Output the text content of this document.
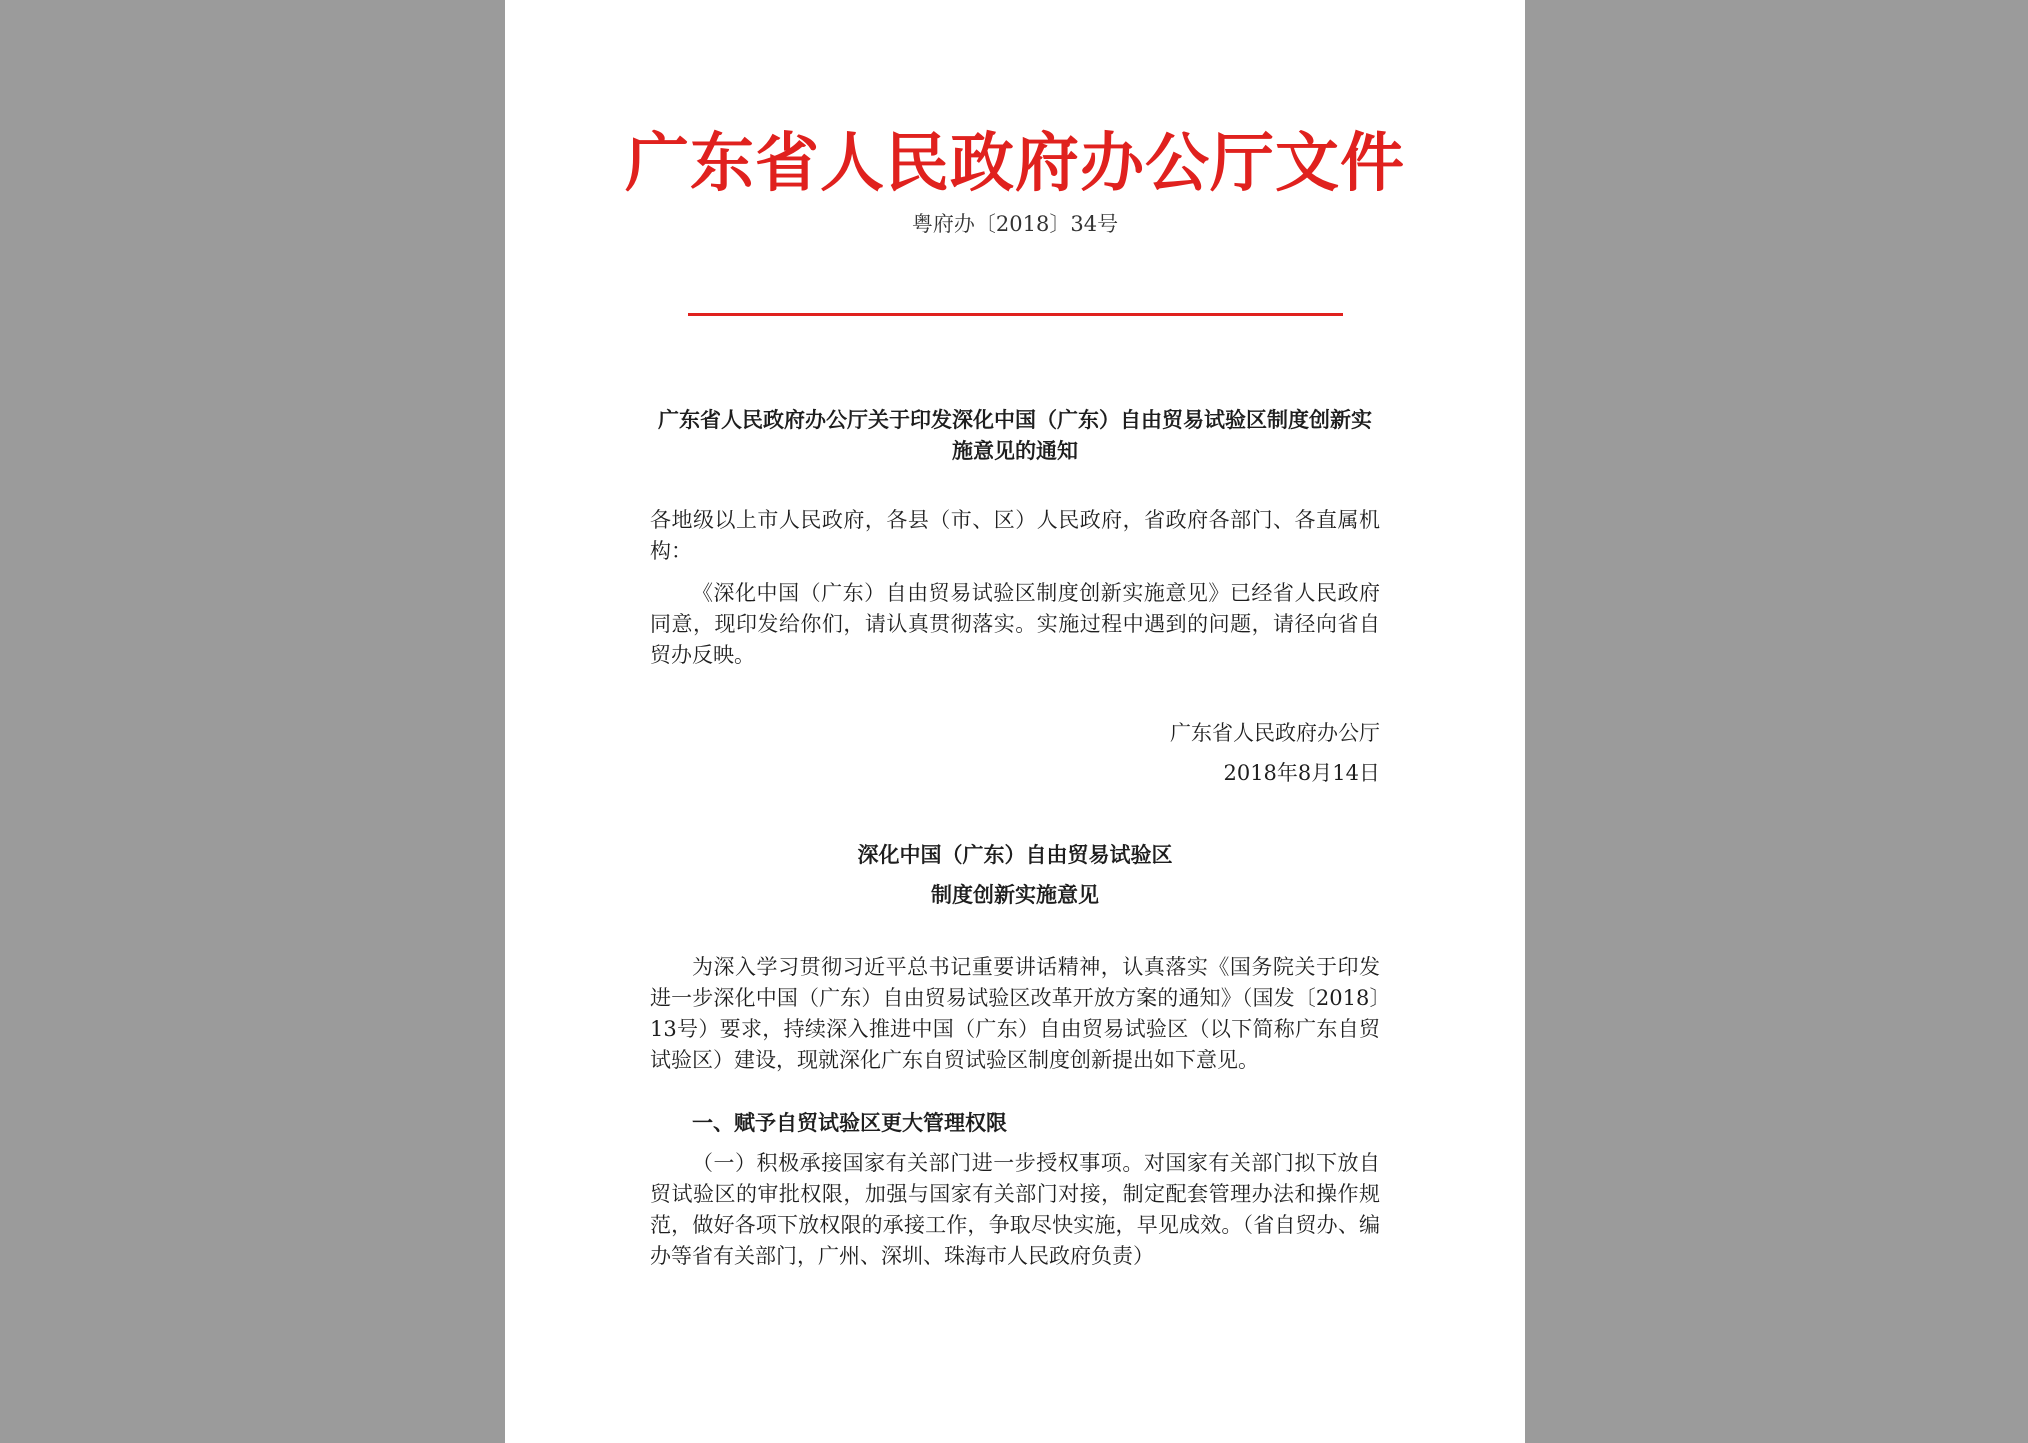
广东省人民政府办公厅文件
粤府办〔2018〕34号
广东省人民政府办公厅关于印发深化中国（广东）自由贸易试验区制度创新实施意见的通知
各地级以上市人民政府，各县（市、区）人民政府，省政府各部门、各直属机构：
《深化中国（广东）自由贸易试验区制度创新实施意见》已经省人民政府同意，现印发给你们，请认真贯彻落实。实施过程中遇到的问题，请径向省自贸办反映。
广东省人民政府办公厅
2018年8月14日
深化中国（广东）自由贸易试验区
制度创新实施意见
为深入学习贯彻习近平总书记重要讲话精神，认真落实《国务院关于印发进一步深化中国（广东）自由贸易试验区改革开放方案的通知》（国发〔2018〕13号）要求，持续深入推进中国（广东）自由贸易试验区（以下简称广东自贸试验区）建设，现就深化广东自贸试验区制度创新提出如下意见。
一、赋予自贸试验区更大管理权限
（一）积极承接国家有关部门进一步授权事项。对国家有关部门拟下放自贸试验区的审批权限，加强与国家有关部门对接，制定配套管理办法和操作规范，做好各项下放权限的承接工作，争取尽快实施，早见成效。（省自贸办、编办等省有关部门，广州、深圳、珠海市人民政府负责）
